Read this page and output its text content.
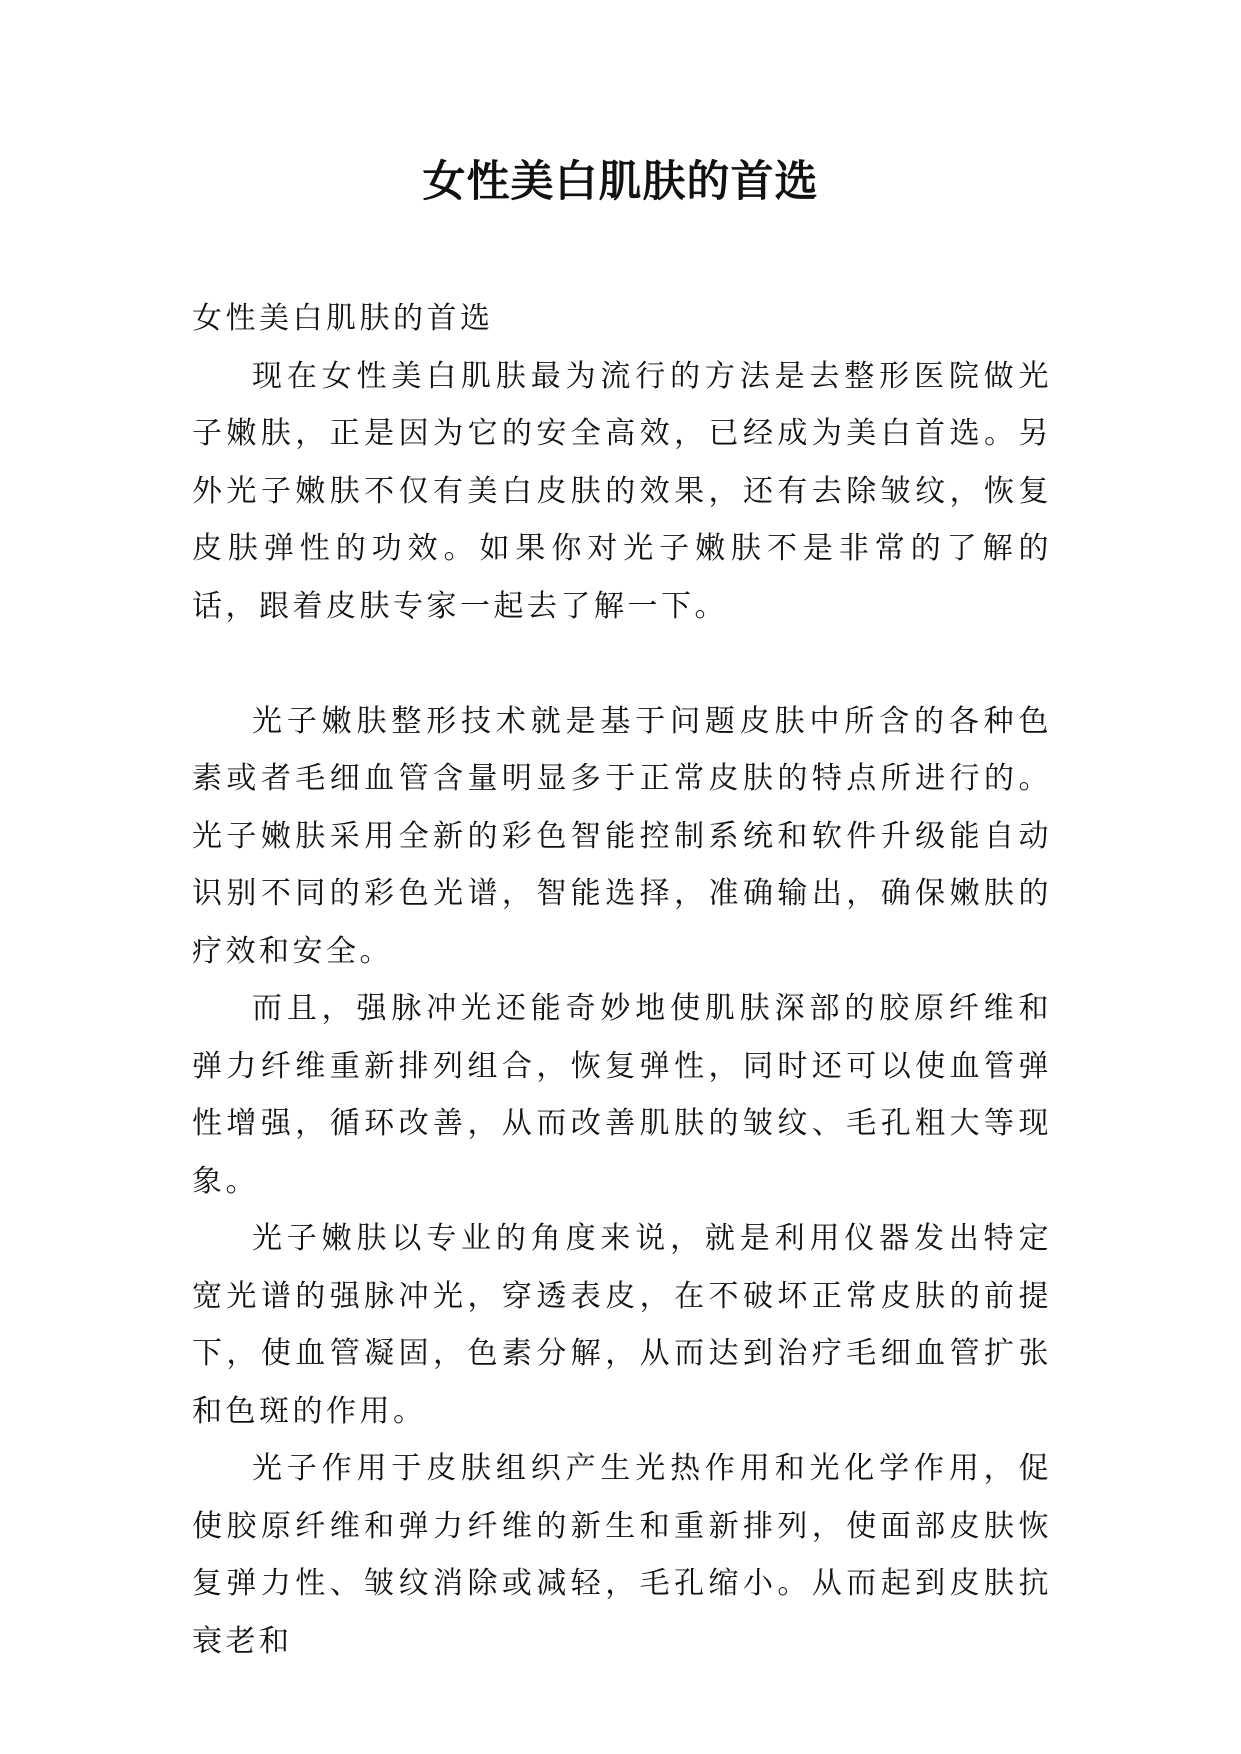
女性美白肌肤的首选

女性美白肌肤的首选

现在女性美白肌肤最为流行的方法是去整形医院做光子嫩肤，正是因为它的安全高效，已经成为美白首选。另外光子嫩肤不仅有美白皮肤的效果，还有去除皱纹，恢复皮肤弹性的功效。如果你对光子嫩肤不是非常的了解的话，跟着皮肤专家一起去了解一下。

光子嫩肤整形技术就是基于问题皮肤中所含的各种色素或者毛细血管含量明显多于正常皮肤的特点所进行的。光子嫩肤采用全新的彩色智能控制系统和软件升级能自动识别不同的彩色光谱，智能选择，准确输出，确保嫩肤的疗效和安全。

而且，强脉冲光还能奇妙地使肌肤深部的胶原纤维和弹力纤维重新排列组合，恢复弹性，同时还可以使血管弹性增强，循环改善，从而改善肌肤的皱纹、毛孔粗大等现象。

光子嫩肤以专业的角度来说，就是利用仪器发出特定宽光谱的强脉冲光，穿透表皮，在不破坏正常皮肤的前提下，使血管凝固，色素分解，从而达到治疗毛细血管扩张和色斑的作用。

光子作用于皮肤组织产生光热作用和光化学作用，促使胶原纤维和弹力纤维的新生和重新排列，使面部皮肤恢复弹力性、皱纹消除或减轻，毛孔缩小。从而起到皮肤抗衰老和
